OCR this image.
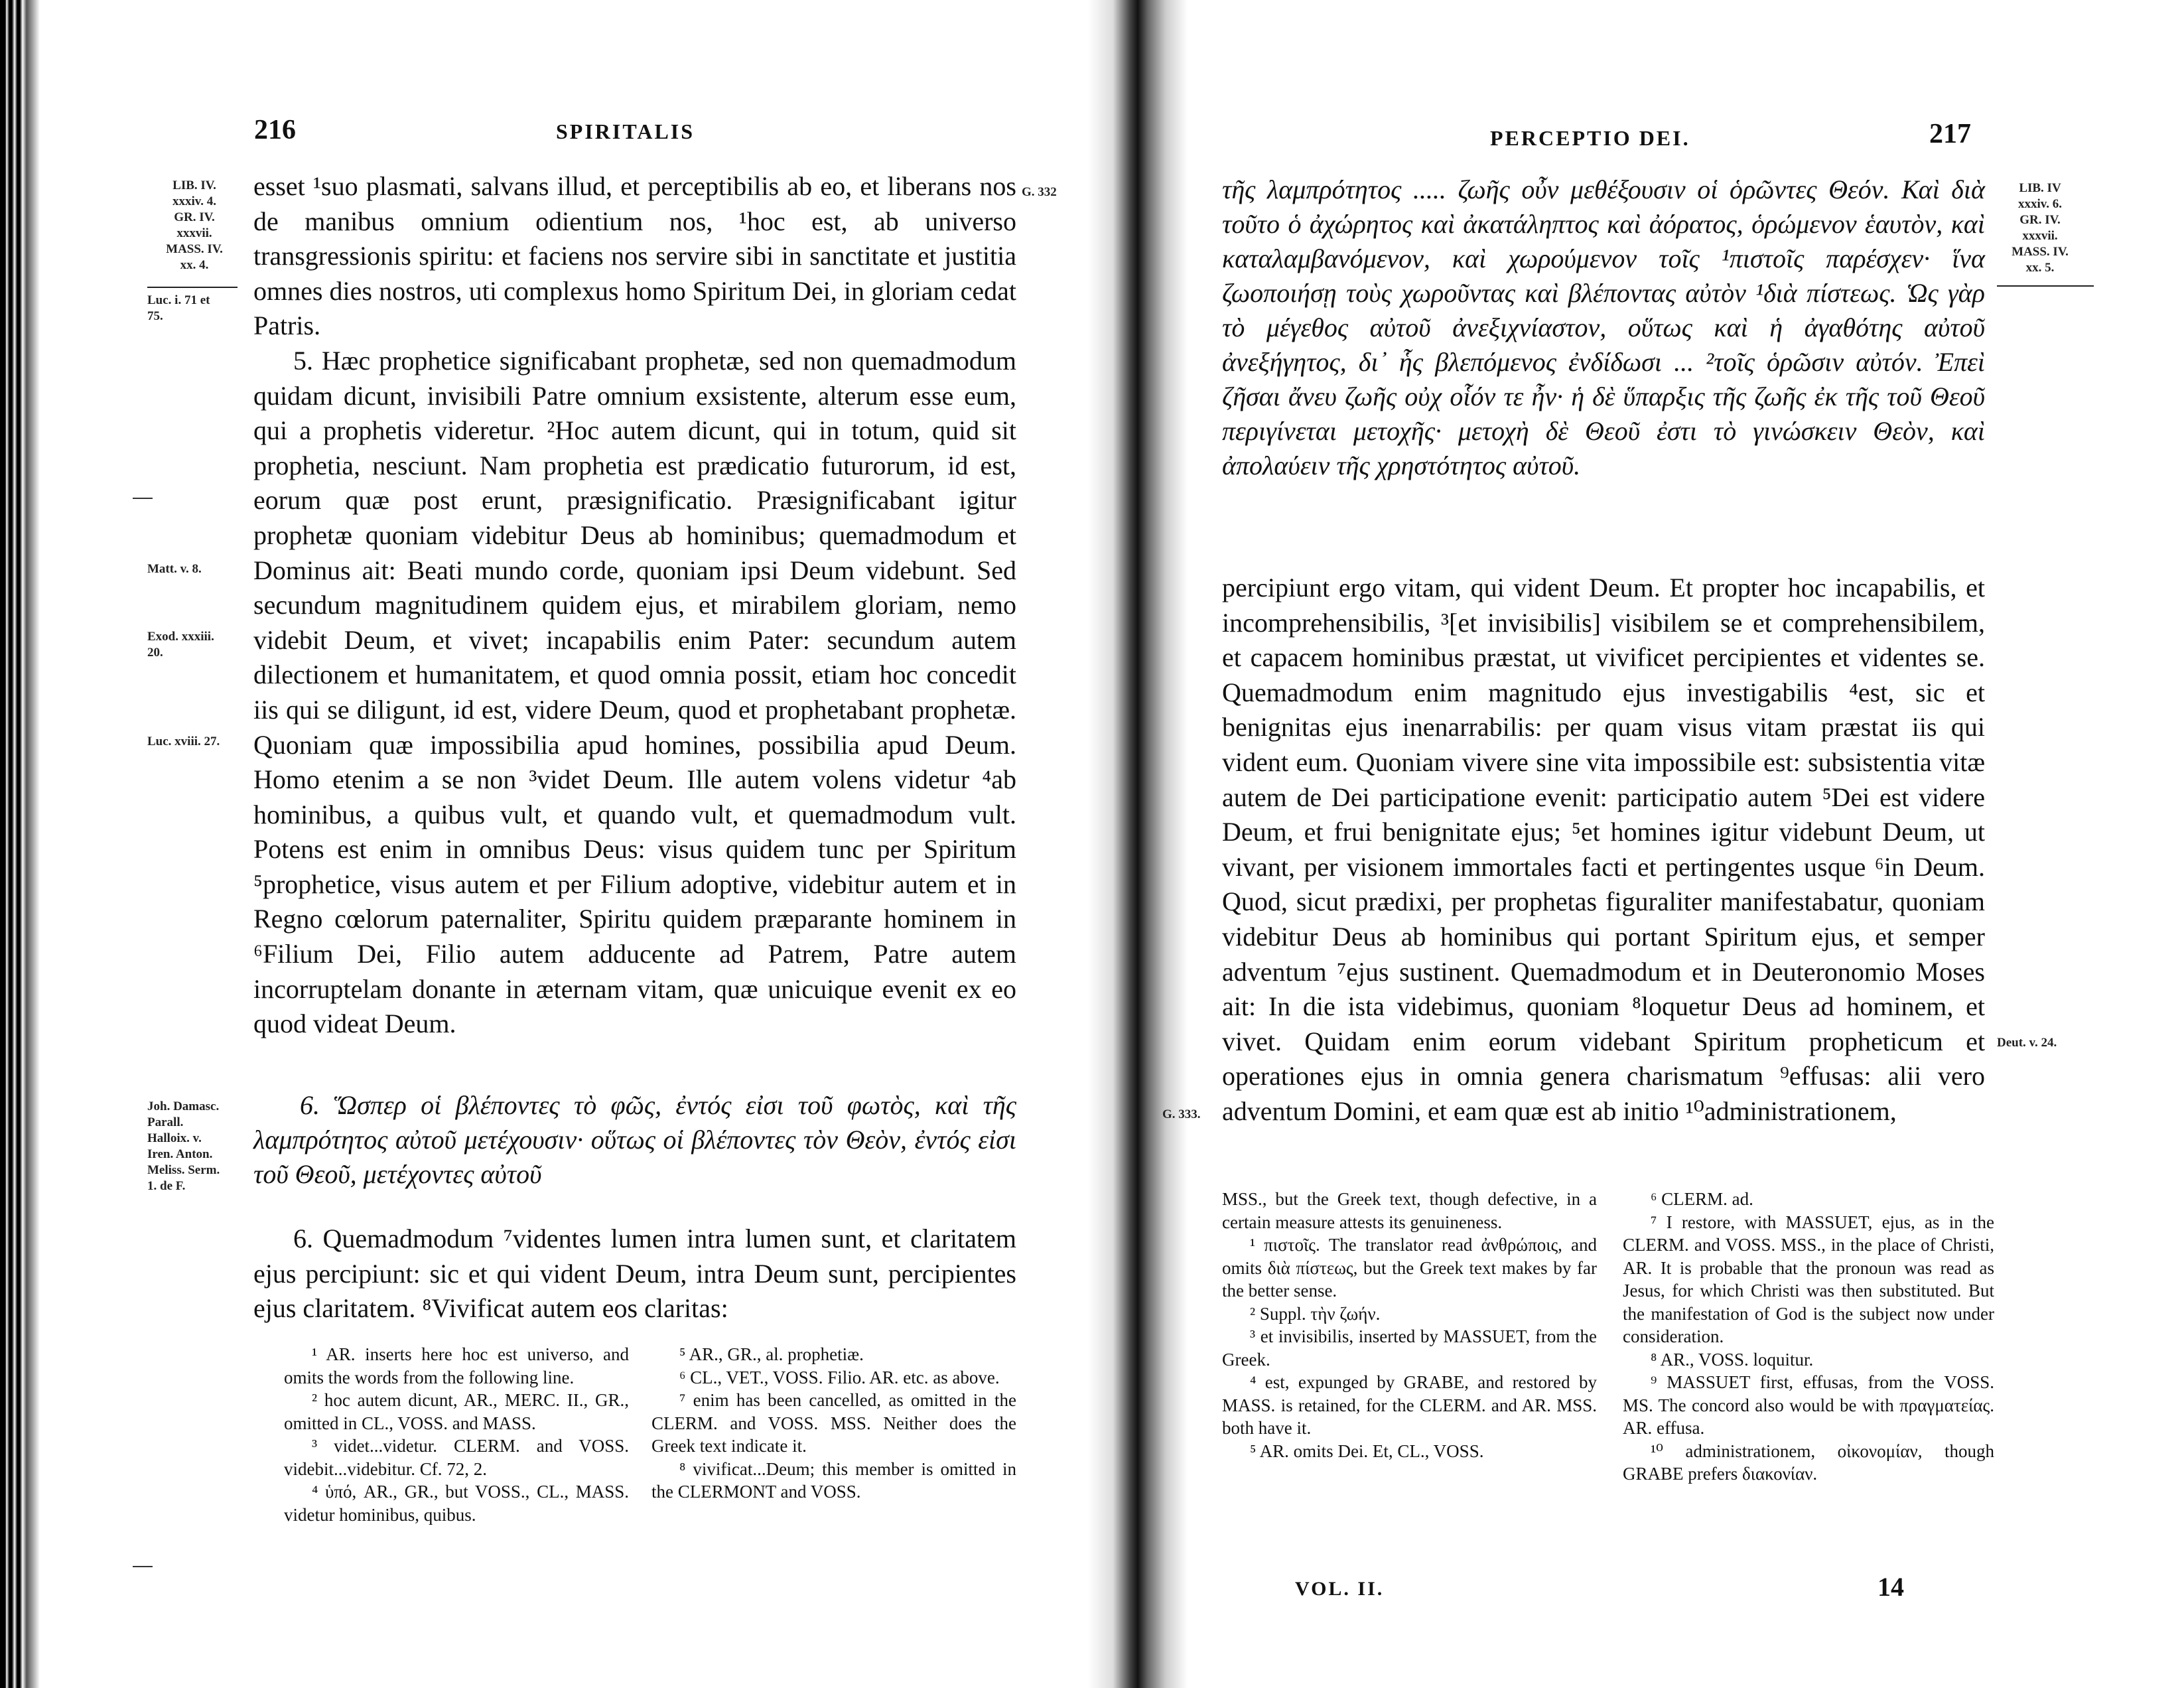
216	SPIRITALIS
LIB. IV.
xxxiv. 4.
GR. IV.
xxxvii.
MASS. IV.
xx. 4.
Luc. i. 71 et
75.
Matt. v. 8.
Exod. xxxiii.
20.
Luc. xviii. 27.
Joh. Damasc.
Parall.
Halloix. v.
Iren. Anton.
Meliss. Serm.
1. de F.
G. 332
esset ¹suo plasmati, salvans illud, et perceptibilis ab eo, et liberans nos de manibus omnium odientium nos, ¹hoc est, ab universo transgressionis spiritu: et faciens nos servire sibi in sanctitate et justitia omnes dies nostros, uti complexus homo Spiritum Dei, in gloriam cedat Patris.

5. Hæc prophetice significabant prophetæ, sed non quemadmodum quidam dicunt, invisibili Patre omnium exsistente, alterum esse eum, qui a prophetis videretur. ²Hoc autem dicunt, qui in totum, quid sit prophetia, nesciunt. Nam prophetia est prædicatio futurorum, id est, eorum quæ post erunt, præsignificatio. Præsignificabant igitur prophetæ quoniam videbitur Deus ab hominibus; quemadmodum et Dominus ait: Beati mundo corde, quoniam ipsi Deum videbunt. Sed secundum magnitudinem quidem ejus, et mirabilem gloriam, nemo videbit Deum, et vivet; incapabilis enim Pater: secundum autem dilectionem et humanitatem, et quod omnia possit, etiam hoc concedit iis qui se diligunt, id est, videre Deum, quod et prophetabant prophetæ. Quoniam quæ impossibilia apud homines, possibilia apud Deum. Homo etenim a se non ³videt Deum. Ille autem volens videtur ⁴ab hominibus, a quibus vult, et quando vult, et quemadmodum vult. Potens est enim in omnibus Deus: visus quidem tunc per Spiritum ⁵prophetice, visus autem et per Filium adoptive, videbitur autem et in Regno cœlorum paternaliter, Spiritu quidem præparante hominem in ⁶Filium Dei, Filio autem adducente ad Patrem, Patre autem incorruptelam donante in æternam vitam, quæ unicuique evenit ex eo quod videat Deum.

6. Ὥσπερ οἱ βλέποντες τὸ φῶς, ἐντός εἰσι τοῦ φωτὸς, καὶ τῆς λαμπρότητος αὐτοῦ μετέχουσιν· οὕτως οἱ βλέποντες τὸν Θεὸν, ἐντός εἰσι τοῦ Θεοῦ, μετέχοντες αὐτοῦ

6. Quemadmodum ⁷videntes lumen intra lumen sunt, et claritatem ejus percipiunt: sic et qui vident Deum, intra Deum sunt, percipientes ejus claritatem. ⁸Vivificat autem eos claritas:

¹ AR. inserts here hoc est universo, and omits the words from the following line.

² hoc autem dicunt, AR., MERC. II., GR., omitted in CL., VOSS. and MASS.

³ videt...videtur. CLERM. and VOSS. videbit...videbitur. Cf. 72, 2.

⁴ ὑπό, AR., GR., but VOSS., CL., MASS. videtur hominibus, quibus.

⁵ AR., GR., al. prophetiæ.

⁶ CL., VET., VOSS. Filio. AR. etc. as above.

⁷ enim has been cancelled, as omitted in the CLERM. and VOSS. MSS. Neither does the Greek text indicate it.

⁸ vivificat...Deum; this member is omitted in the CLERMONT and VOSS.

PERCEPTIO DEI.	217
LIB. IV
xxxiv. 6.
GR. IV.
xxxvii.
MASS. IV.
xx. 5.
Deut. v. 24.
G. 333.
τῆς λαμπρότητος ..... ζωῆς οὖν μεθέξουσιν οἱ ὁρῶντες Θεόν. Καὶ διὰ τοῦτο ὁ ἀχώρητος καὶ ἀκατάληπτος καὶ ἀόρατος, ὁρώμενον ἑαυτὸν, καὶ καταλαμβανόμενον, καὶ χωρούμενον τοῖς ¹πιστοῖς παρέσχεν· ἵνα ζωοποιήσῃ τοὺς χωροῦντας καὶ βλέποντας αὐτὸν ¹διὰ πίστεως. Ὡς γὰρ τὸ μέγεθος αὐτοῦ ἀνεξιχνίαστον, οὕτως καὶ ἡ ἀγαθότης αὐτοῦ ἀνεξήγητος, δι᾽ ἧς βλεπόμενος ἐνδίδωσι ... ²τοῖς ὁρῶσιν αὐτόν. Ἐπεὶ ζῆσαι ἄνευ ζωῆς οὐχ οἷόν τε ἦν· ἡ δὲ ὕπαρξις τῆς ζωῆς ἐκ τῆς τοῦ Θεοῦ περιγίνεται μετοχῆς· μετοχὴ δὲ Θεοῦ ἐστι τὸ γινώσκειν Θεὸν, καὶ ἀπολαύειν τῆς χρηστότητος αὐτοῦ.
percipiunt ergo vitam, qui vident Deum. Et propter hoc incapabilis, et incomprehensibilis, ³[et invisibilis] visibilem se et comprehensibilem, et capacem hominibus præstat, ut vivificet percipientes et videntes se. Quemadmodum enim magnitudo ejus investigabilis ⁴est, sic et benignitas ejus inenarrabilis: per quam visus vitam præstat iis qui vident eum. Quoniam vivere sine vita impossibile est: subsistentia vitæ autem de Dei participatione evenit: participatio autem ⁵Dei est videre Deum, et frui benignitate ejus; ⁵et homines igitur videbunt Deum, ut vivant, per visionem immortales facti et pertingentes usque ⁶in Deum. Quod, sicut prædixi, per prophetas figuraliter manifestabatur, quoniam videbitur Deus ab hominibus qui portant Spiritum ejus, et semper adventum ⁷ejus sustinent. Quemadmodum et in Deuteronomio Moses ait: In die ista videbimus, quoniam ⁸loquetur Deus ad hominem, et vivet. Quidam enim eorum videbant Spiritum propheticum et operationes ejus in omnia genera charismatum ⁹effusas: alii vero adventum Domini, et eam quæ est ab initio ¹⁰administrationem,

MSS., but the Greek text, though defective, in a certain measure attests its genuineness.

¹ πιστοῖς. The translator read ἀνθρώποις, and omits διὰ πίστεως, but the Greek text makes by far the better sense.

² Suppl. τὴν ζωήν.

³ et invisibilis, inserted by MASSUET, from the Greek.

⁴ est, expunged by GRABE, and restored by MASS. is retained, for the CLERM. and AR. MSS. both have it.

⁵ AR. omits Dei. Et, CL., VOSS.

⁶ CLERM. ad.

⁷ I restore, with MASSUET, ejus, as in the CLERM. and VOSS. MSS., in the place of Christi, AR. It is probable that the pronoun was read as Jesus, for which Christi was then substituted. But the manifestation of God is the subject now under consideration.

⁸ AR., VOSS. loquitur.

⁹ MASSUET first, effusas, from the VOSS. MS. The concord also would be with πραγματείας. AR. effusa.

¹⁰ administrationem, οἰκονομίαν, though GRABE prefers διακονίαν.

VOL. II.	14
